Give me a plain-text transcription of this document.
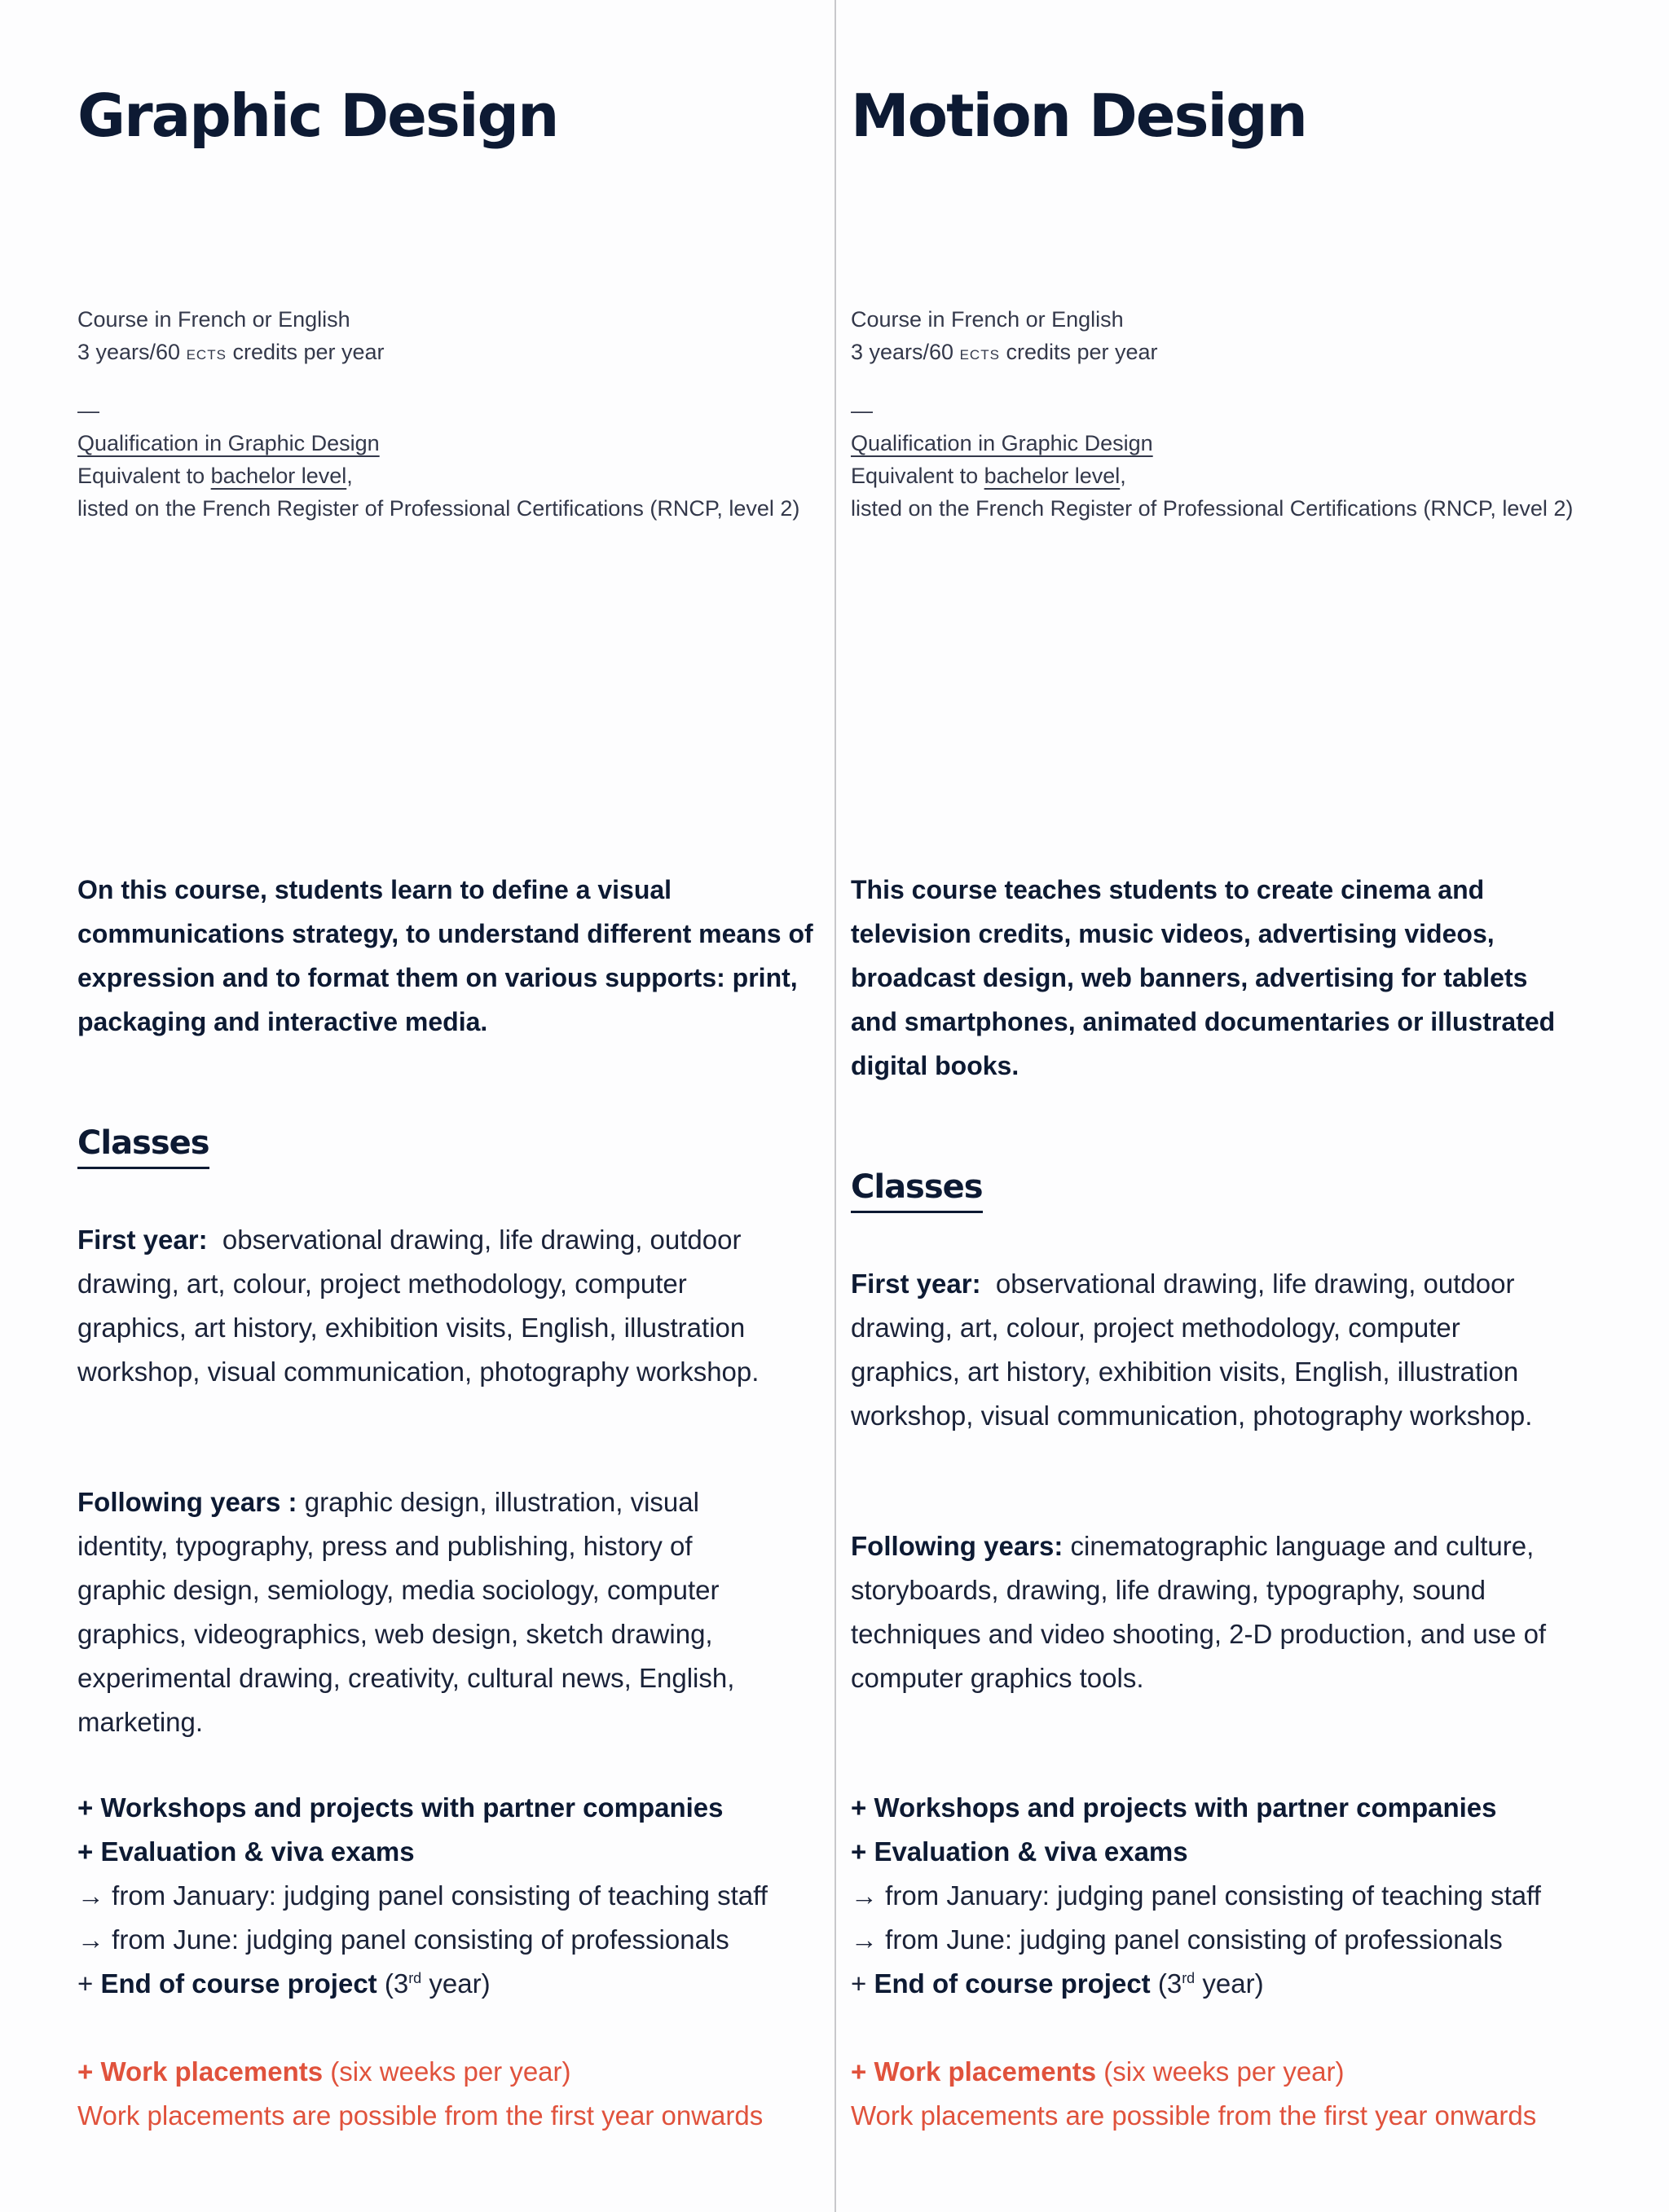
Graphic Design
Course in French or English
3 years/60 ECTS credits per year
—
Qualification in Graphic Design
Equivalent to bachelor level,
listed on the French Register of Professional Certifications (RNCP, level 2)

On this course, students learn to define a visual communications strategy, to understand different means of expression and to format them on various supports: print, packaging and interactive media.

Classes

First year: observational drawing, life drawing, outdoor drawing, art, colour, project methodology, computer graphics, art history, exhibition visits, English, illustration workshop, visual communication, photography workshop.

Following years : graphic design, illustration, visual identity, typography, press and publishing, history of graphic design, semiology, media sociology, computer graphics, videographics, web design, sketch drawing, experimental drawing, creativity, cultural news, English, marketing.

+ Workshops and projects with partner companies
+ Evaluation & viva exams
→ from January: judging panel consisting of teaching staff
→ from June: judging panel consisting of professionals
+ End of course project (3rd year)
+ Work placements (six weeks per year)
Work placements are possible from the first year onwards
Motion Design
Course in French or English
3 years/60 ECTS credits per year
—
Qualification in Graphic Design
Equivalent to bachelor level,
listed on the French Register of Professional Certifications (RNCP, level 2)

This course teaches students to create cinema and television credits, music videos, advertising videos, broadcast design, web banners, advertising for tablets and smartphones, animated documentaries or illustrated digital books.

Classes

First year: observational drawing, life drawing, outdoor drawing, art, colour, project methodology, computer graphics, art history, exhibition visits, English, illustration workshop, visual communication, photography workshop.

Following years: cinematographic language and culture, storyboards, drawing, life drawing, typography, sound techniques and video shooting, 2-D production, and use of computer graphics tools.

+ Workshops and projects with partner companies
+ Evaluation & viva exams
→ from January: judging panel consisting of teaching staff
→ from June: judging panel consisting of professionals
+ End of course project (3rd year)
+ Work placements (six weeks per year)
Work placements are possible from the first year onwards
